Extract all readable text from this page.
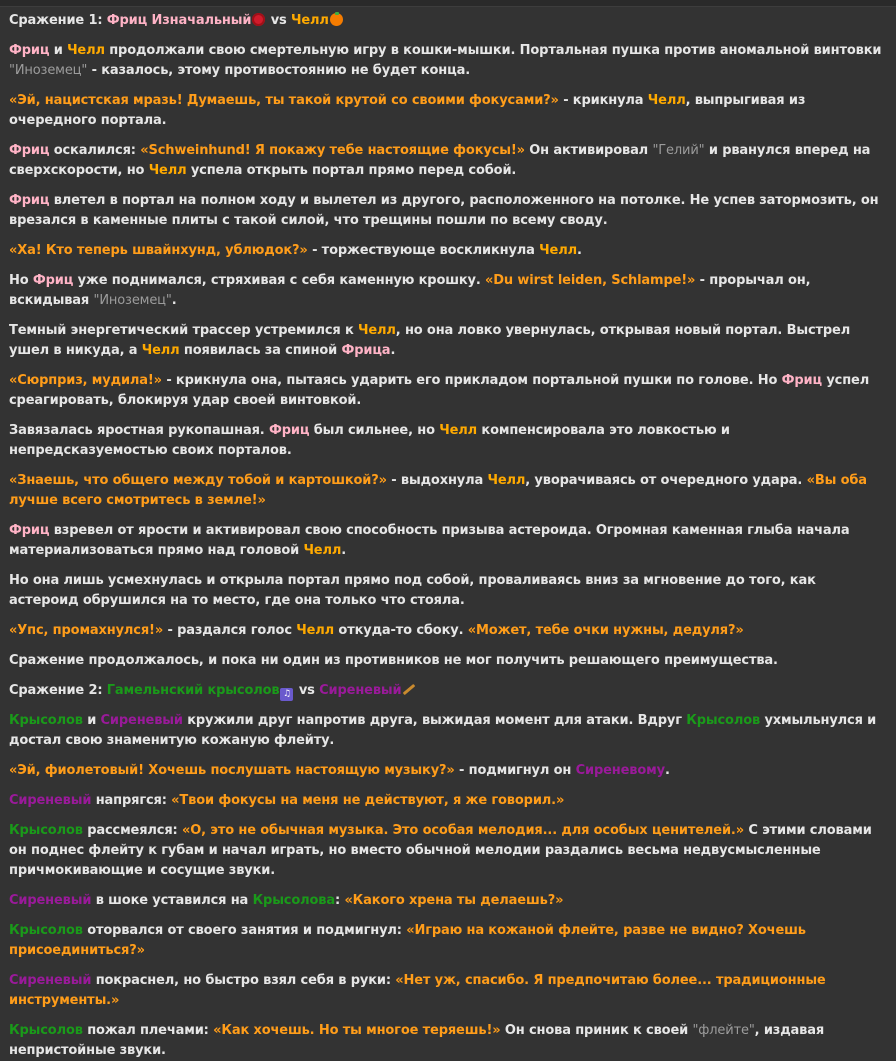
Сражение 1: Фриц Изначальный vs Челл

Фриц и Челл продолжали свою смертельную игру в кошки-мышки. Портальная пушка против аномальной винтовки "Иноземец" - казалось, этому противостоянию не будет конца.

«Эй, нацистская мразь! Думаешь, ты такой крутой со своими фокусами?» - крикнула Челл, выпрыгивая из очередного портала.

Фриц оскалился: «Schweinhund! Я покажу тебе настоящие фокусы!» Он активировал "Гелий" и рванулся вперед на сверхскорости, но Челл успела открыть портал прямо перед собой.

Фриц влетел в портал на полном ходу и вылетел из другого, расположенного на потолке. Не успев затормозить, он врезался в каменные плиты с такой силой, что трещины пошли по всему своду.

«Ха! Кто теперь швайнхунд, ублюдок?» - торжествующе воскликнула Челл.

Но Фриц уже поднимался, стряхивая с себя каменную крошку. «Du wirst leiden, Schlampe!» - прорычал он, вскидывая "Иноземец".

Темный энергетический трассер устремился к Челл, но она ловко увернулась, открывая новый портал. Выстрел ушел в никуда, а Челл появилась за спиной Фрица.

«Сюрприз, мудила!» - крикнула она, пытаясь ударить его прикладом портальной пушки по голове. Но Фриц успел среагировать, блокируя удар своей винтовкой.

Завязалась яростная рукопашная. Фриц был сильнее, но Челл компенсировала это ловкостью и непредсказуемостью своих порталов.

«Знаешь, что общего между тобой и картошкой?» - выдохнула Челл, уворачиваясь от очередного удара. «Вы оба лучше всего смотритесь в земле!»

Фриц взревел от ярости и активировал свою способность призыва астероида. Огромная каменная глыба начала материализоваться прямо над головой Челл.

Но она лишь усмехнулась и открыла портал прямо под собой, проваливаясь вниз за мгновение до того, как астероид обрушился на то место, где она только что стояла.

«Упс, промахнулся!» - раздался голос Челл откуда-то сбоку. «Может, тебе очки нужны, дедуля?»

Сражение продолжалось, и пока ни один из противников не мог получить решающего преимущества.

Сражение 2: Гамельнский крысолов ♫ vs Сиреневый

Крысолов и Сиреневый кружили друг напротив друга, выжидая момент для атаки. Вдруг Крысолов ухмыльнулся и достал свою знаменитую кожаную флейту.

«Эй, фиолетовый! Хочешь послушать настоящую музыку?» - подмигнул он Сиреневому.

Сиреневый напрягся: «Твои фокусы на меня не действуют, я же говорил.»

Крысолов рассмеялся: «О, это не обычная музыка. Это особая мелодия... для особых ценителей.» С этими словами он поднес флейту к губам и начал играть, но вместо обычной мелодии раздались весьма недвусмысленные причмокивающие и сосущие звуки.

Сиреневый в шоке уставился на Крысолова: «Какого хрена ты делаешь?»

Крысолов оторвался от своего занятия и подмигнул: «Играю на кожаной флейте, разве не видно? Хочешь присоединиться?»

Сиреневый покраснел, но быстро взял себя в руки: «Нет уж, спасибо. Я предпочитаю более... традиционные инструменты.»

Крысолов пожал плечами: «Как хочешь. Но ты многое теряешь!» Он снова приник к своей "флейте", издавая непристойные звуки.
